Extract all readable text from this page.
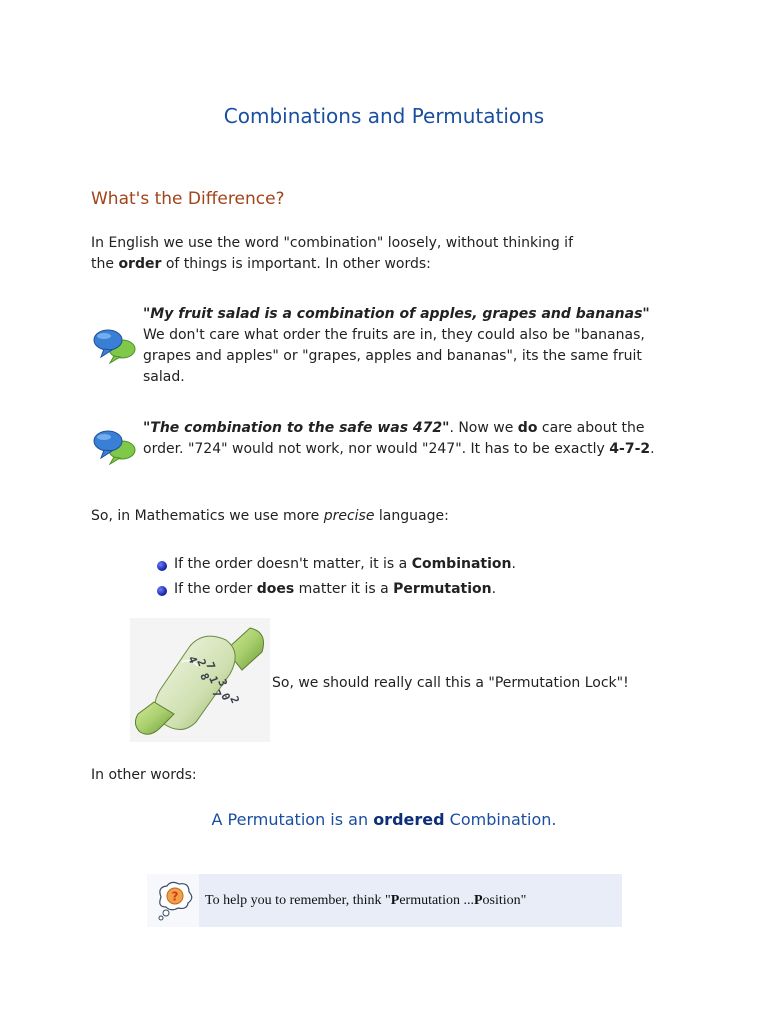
Combinations and Permutations
What's the Difference?
In English we use the word "combination" loosely, without thinking if
the order of things is important. In other words:
"My fruit salad is a combination of apples, grapes and bananas" We don't care what order the fruits are in, they could also be "bananas, grapes and apples" or "grapes, apples and bananas", its the same fruit salad.
"The combination to the safe was 472". Now we do care about the order. "724" would not work, nor would "247". It has to be exactly 4-7-2.
So, in Mathematics we use more precise language:
If the order doesn't matter, it is a Combination.
If the order does matter it is a Permutation.
4
2
7
8
1
3
7
0
2
So, we should really call this a "Permutation Lock"!
In other words:
A Permutation is an ordered Combination.
? To help you to remember, think " P ermutation ... P osition"
